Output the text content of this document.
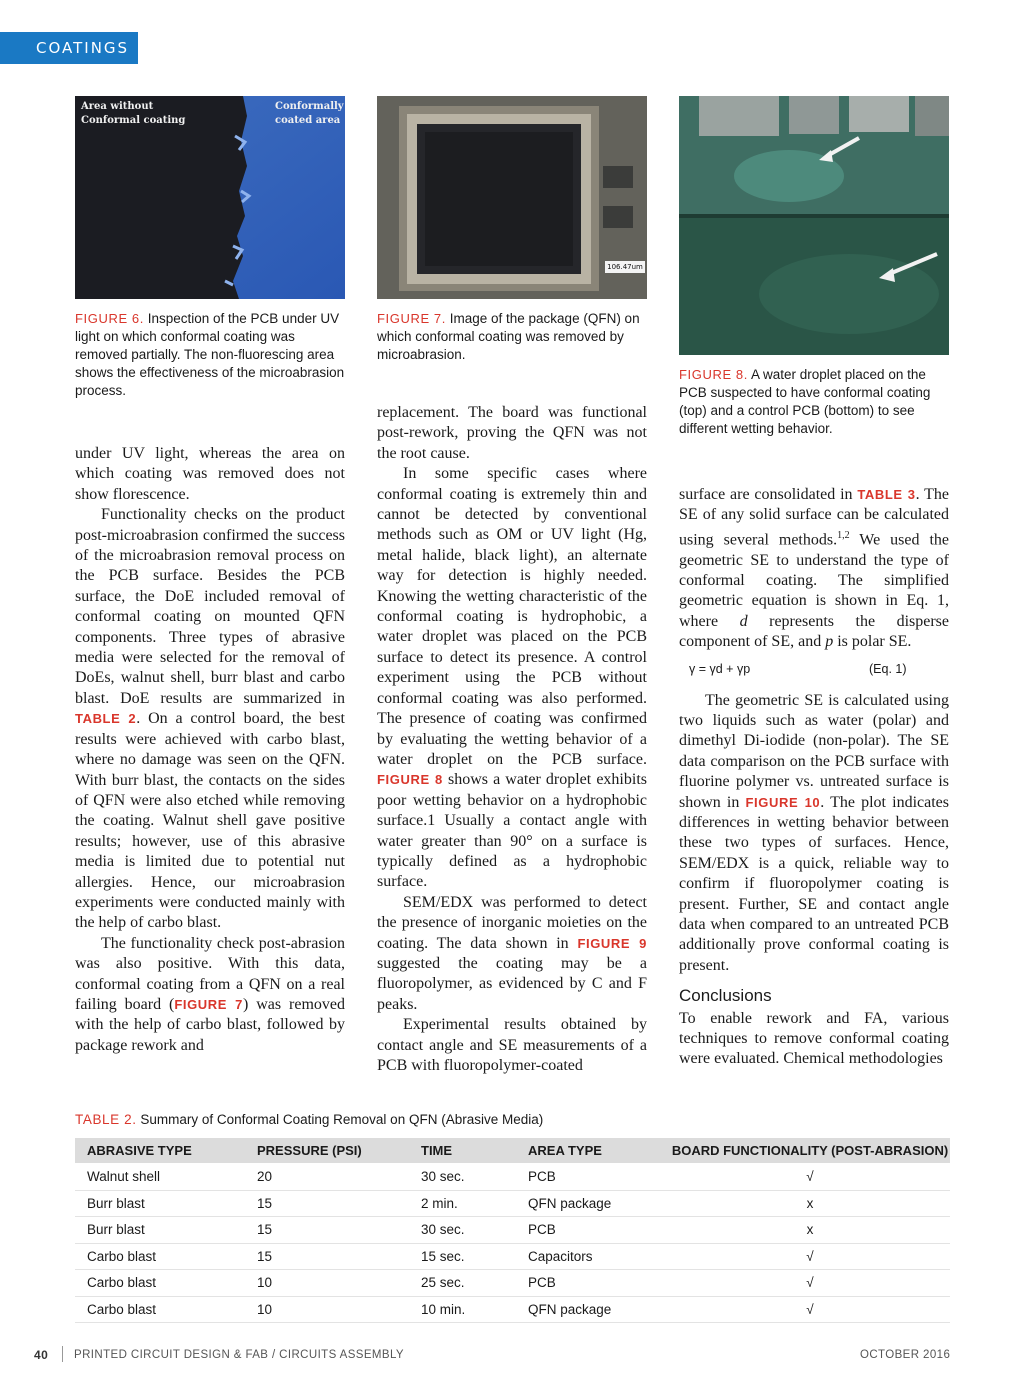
COATINGS
Area without Conformal coating
Conformally coated area
FIGURE 6. Inspection of the PCB under UV light on which conformal coating was removed partially. The non-fluorescing area shows the effectiveness of the microabrasion process.
106.47um
FIGURE 7. Image of the package (QFN) on which conformal coating was removed by microabrasion.
FIGURE 8. A water droplet placed on the PCB suspected to have conformal coating (top) and a control PCB (bottom) to see different wetting behavior.

under UV light, whereas the area on which coating was removed does not show florescence.

Functionality checks on the product post-microabrasion confirmed the success of the microabrasion removal process on the PCB surface. Besides the PCB surface, the DoE included removal of conformal coating on mounted QFN components. Three types of abrasive media were selected for the removal of DoEs, walnut shell, burr blast and carbo blast. DoE results are summarized in TABLE 2. On a control board, the best results were achieved with carbo blast, where no damage was seen on the QFN. With burr blast, the contacts on the sides of QFN were also etched while removing the coating. Walnut shell gave positive results; however, use of this abrasive media is limited due to potential nut allergies. Hence, our microabrasion experiments were conducted mainly with the help of carbo blast.

The functionality check post-abrasion was also positive. With this data, conformal coating from a QFN on a real failing board (FIGURE 7) was removed with the help of carbo blast, followed by package rework and

replacement. The board was functional post-rework, proving the QFN was not the root cause.

In some specific cases where conformal coating is extremely thin and cannot be detected by conventional methods such as OM or UV light (Hg, metal halide, black light), an alternate way for detection is highly needed. Knowing the wetting characteristic of the conformal coating is hydrophobic, a water droplet was placed on the PCB surface to detect its presence. A control experiment using the PCB without conformal coating was also performed. The presence of coating was confirmed by evaluating the wetting behavior of a water droplet on the PCB surface. FIGURE 8 shows a water droplet exhibits poor wetting behavior on a hydrophobic surface.1 Usually a contact angle with water greater than 90° on a surface is typically defined as a hydrophobic surface.

SEM/EDX was performed to detect the presence of inorganic moieties on the coating. The data shown in FIGURE 9 suggested the coating may be a fluoropolymer, as evidenced by C and F peaks.

Experimental results obtained by contact angle and SE measurements of a PCB with fluoropolymer-coated

surface are consolidated in TABLE 3. The SE of any solid surface can be calculated using several methods.$^{1,2}$ We used the geometric SE to understand the type of conformal coating. The simplified geometric equation is shown in Eq. 1, where d represents the disperse component of SE, and p is polar SE.

γ = γd + γp	(Eq. 1)

The geometric SE is calculated using two liquids such as water (polar) and dimethyl Di-iodide (non-polar). The SE data comparison on the PCB surface with fluorine polymer vs. untreated surface is shown in FIGURE 10. The plot indicates differences in wetting behavior between these two types of surfaces. Hence, SEM/EDX is a quick, reliable way to confirm if fluoropolymer coating is present. Further, SE and contact angle data when compared to an untreated PCB additionally prove conformal coating is present.

Conclusions

To enable rework and FA, various techniques to remove conformal coating were evaluated. Chemical methodologies

TABLE 2. Summary of Conformal Coating Removal on QFN (Abrasive Media)
ABRASIVE TYPE	PRESSURE (PSI)	TIME	AREA TYPE	BOARD FUNCTIONALITY (POST-ABRASION)
Walnut shell	20	30 sec.	PCB	√
Burr blast	15	2 min.	QFN package	x
Burr blast	15	30 sec.	PCB	x
Carbo blast	15	15 sec.	Capacitors	√
Carbo blast	10	25 sec.	PCB	√
Carbo blast	10	10 min.	QFN package	√
40 PRINTED CIRCUIT DESIGN & FAB / CIRCUITS ASSEMBLY	OCTOBER 2016
